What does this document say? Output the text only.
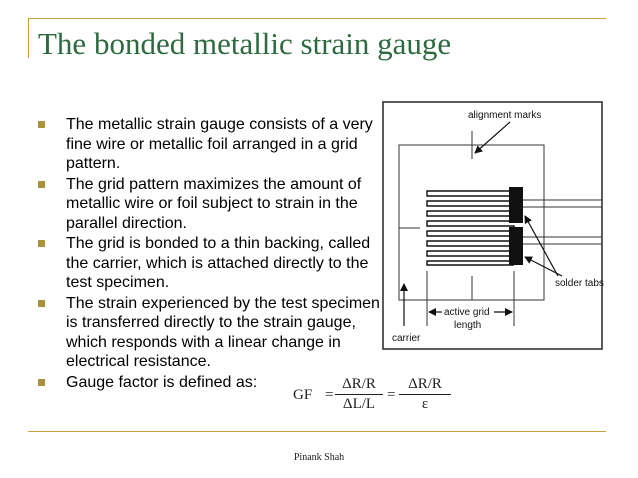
The bonded metallic strain gauge
The metallic strain gauge consists of a very fine wire or metallic foil arranged in a grid pattern.
The grid pattern maximizes the amount of metallic wire or foil subject to strain in the parallel direction.
The grid is bonded to a thin backing, called the carrier, which is attached directly to the test specimen.
The strain experienced by the test specimen is transferred directly to the strain gauge, which responds with a linear change in electrical resistance.
Gauge factor is defined as:
GF = $\frac{\Delta R/R}{\Delta L/L} = \frac{\Delta R/R}{\varepsilon}$
alignment marks
solder tabs
active grid
length
carrier
Pinank Shah
